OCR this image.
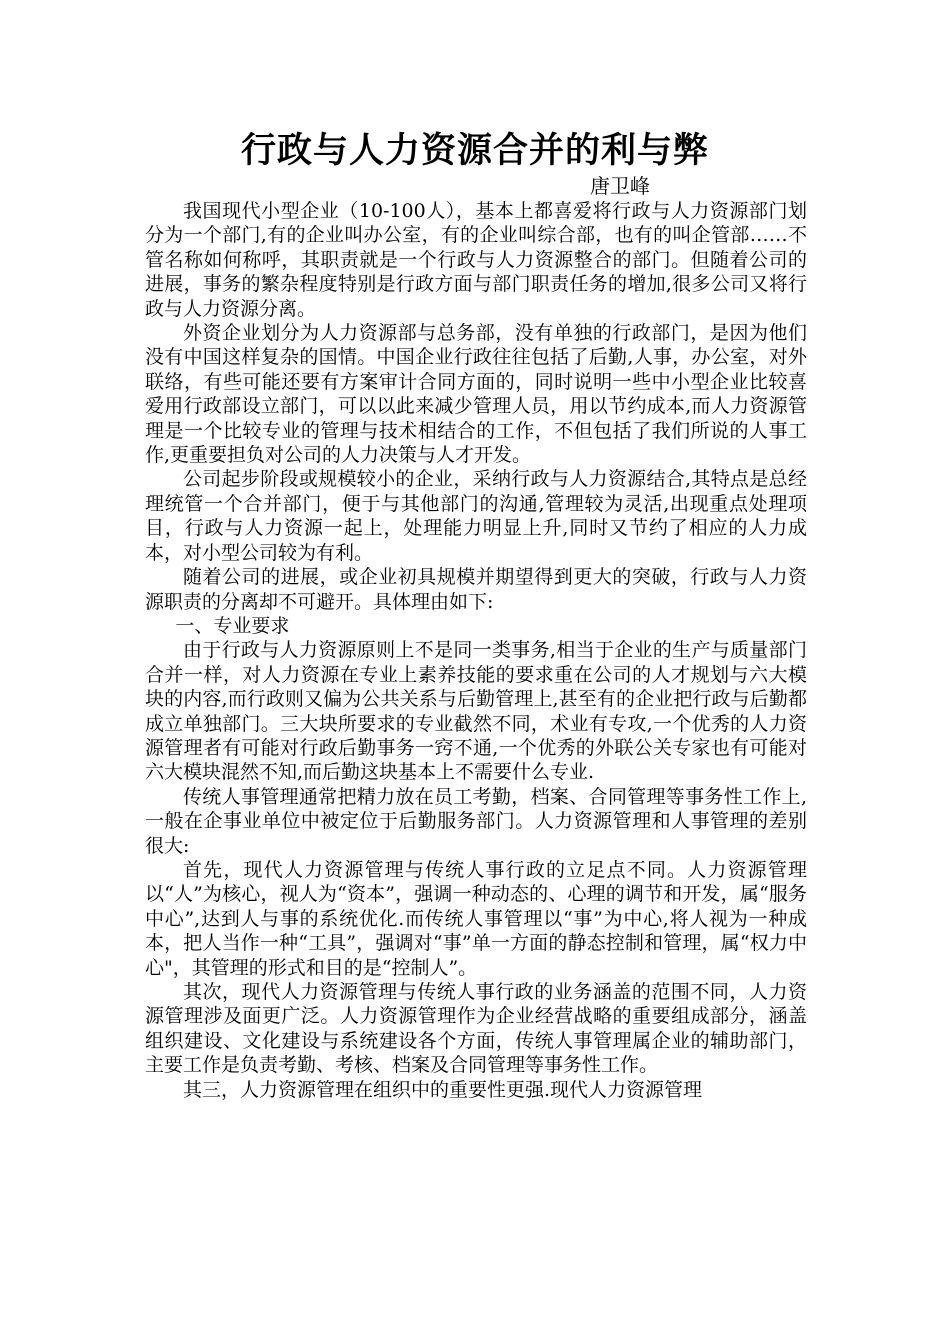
行政与人力资源合并的利与弊
唐卫峰

我国现代小型企业（10-100人），基本上都喜爱将行政与人力资源部门划分为一个部门,有的企业叫办公室，有的企业叫综合部，也有的叫企管部……不管名称如何称呼，其职责就是一个行政与人力资源整合的部门。但随着公司的进展，事务的繁杂程度特别是行政方面与部门职责任务的增加,很多公司又将行政与人力资源分离。

外资企业划分为人力资源部与总务部，没有单独的行政部门，是因为他们没有中国这样复杂的国情。中国企业行政往往包括了后勤,人事，办公室，对外联络，有些可能还要有方案审计合同方面的，同时说明一些中小型企业比较喜爱用行政部设立部门，可以以此来减少管理人员，用以节约成本,而人力资源管理是一个比较专业的管理与技术相结合的工作，不但包括了我们所说的人事工作,更重要担负对公司的人力决策与人才开发。

公司起步阶段或规模较小的企业，采纳行政与人力资源结合,其特点是总经理统管一个合并部门，便于与其他部门的沟通,管理较为灵活,出现重点处理项目，行政与人力资源一起上，处理能力明显上升,同时又节约了相应的人力成本，对小型公司较为有利。

随着公司的进展，或企业初具规模并期望得到更大的突破，行政与人力资源职责的分离却不可避开。具体理由如下:

一、专业要求

由于行政与人力资源原则上不是同一类事务,相当于企业的生产与质量部门合并一样，对人力资源在专业上素养技能的要求重在公司的人才规划与六大模块的内容,而行政则又偏为公共关系与后勤管理上,甚至有的企业把行政与后勤都成立单独部门。三大块所要求的专业截然不同，术业有专攻,一个优秀的人力资源管理者有可能对行政后勤事务一窍不通,一个优秀的外联公关专家也有可能对六大模块混然不知,而后勤这块基本上不需要什么专业.

传统人事管理通常把精力放在员工考勤，档案、合同管理等事务性工作上,一般在企事业单位中被定位于后勤服务部门。人力资源管理和人事管理的差别很大:

首先，现代人力资源管理与传统人事行政的立足点不同。人力资源管理以“人”为核心，视人为“资本”，强调一种动态的、心理的调节和开发，属“服务中心”,达到人与事的系统优化.而传统人事管理以“事”为中心,将人视为一种成本，把人当作一种“工具”，强调对“事”单一方面的静态控制和管理，属“权力中心"，其管理的形式和目的是“控制人”。

其次，现代人力资源管理与传统人事行政的业务涵盖的范围不同，人力资源管理涉及面更广泛。人力资源管理作为企业经营战略的重要组成部分，涵盖组织建设、文化建设与系统建设各个方面，传统人事管理属企业的辅助部门，主要工作是负责考勤、考核、档案及合同管理等事务性工作。

其三，人力资源管理在组织中的重要性更强.现代人力资源管理
